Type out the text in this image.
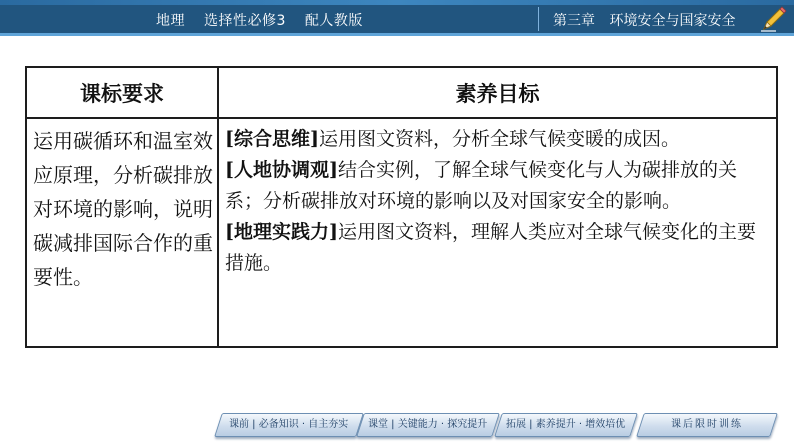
地理 选择性必修3 配人教版	第三章 环境安全与国家安全
课标要求	素养目标
运用碳循环和温室效应原理，分析碳排放对环境的影响，说明碳减排国际合作的重要性。	[综合思维]运用图文资料，分析全球气候变暖的成因。

[人地协调观]结合实例，了解全球气候变化与人为碳排放的关系；分析碳排放对环境的影响以及对国家安全的影响。

[地理实践力]运用图文资料，理解人类应对全球气候变化的主要措施。

课前 | 必备知识 · 自主夯实	课堂 | 关键能力 · 探究提升	拓展 | 素养提升 · 增效培优	课后限时训练
